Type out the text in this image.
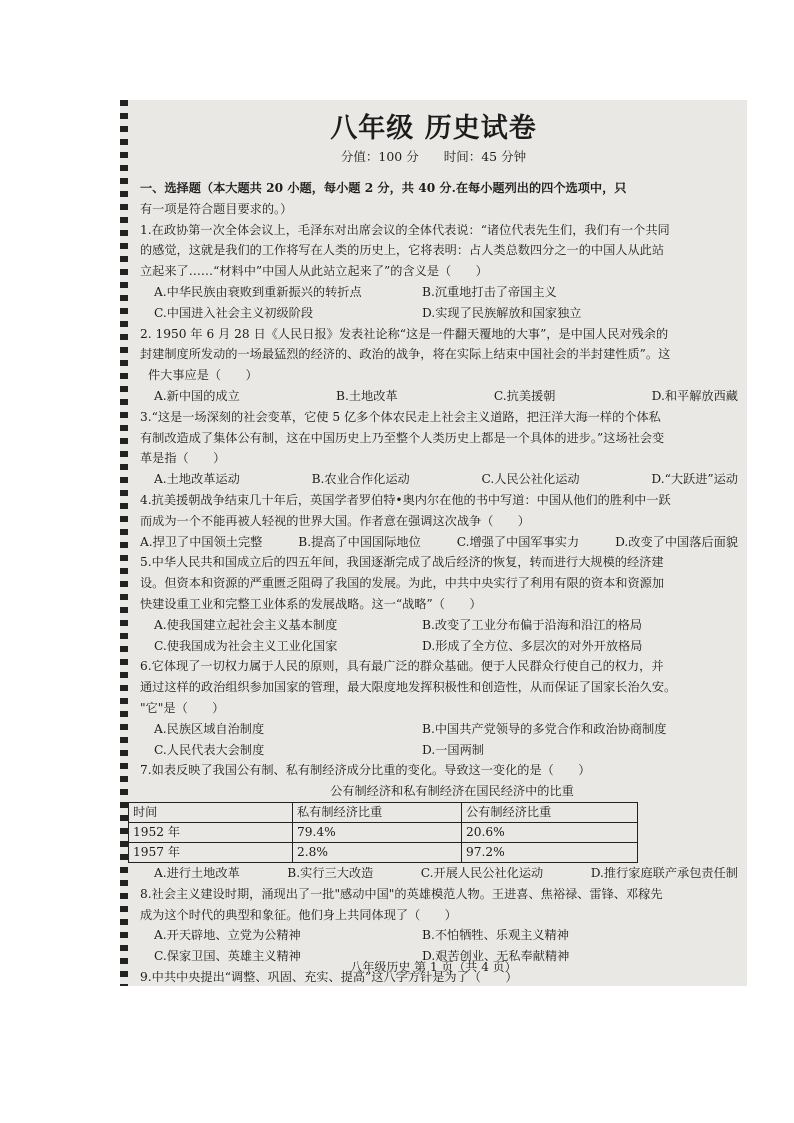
八年级 历史试卷
分值：100 分　　时间：45 分钟
一、选择题（本大题共 20 小题，每小题 2 分，共 40 分.在每小题列出的四个选项中，只
有一项是符合题目要求的。）
1.在政协第一次全体会议上，毛泽东对出席会议的全体代表说：“诸位代表先生们，我们有一个共同
的感觉，这就是我们的工作将写在人类的历史上，它将表明：占人类总数四分之一的中国人从此站
立起来了……“材料中”中国人从此站立起来了”的含义是（　　）
A.中华民族由衰败到重新振兴的转折点	B.沉重地打击了帝国主义
C.中国进入社会主义初级阶段	D.实现了民族解放和国家独立
2. 1950 年 6 月 28 日《人民日报》发表社论称“这是一件翻天覆地的大事”，是中国人民对残余的
封建制度所发动的一场最猛烈的经济的、政治的战争，将在实际上结束中国社会的半封建性质”。这
件大事应是（　　）
A.新中国的成立	B.土地改革	C.抗美援朝	D.和平解放西藏
3.“这是一场深刻的社会变革，它使 5 亿多个体农民走上社会主义道路，把汪洋大海一样的个体私
有制改造成了集体公有制，这在中国历史上乃至整个人类历史上都是一个具体的进步。”这场社会变
革是指（　　）
A.土地改革运动	B.农业合作化运动	C.人民公社化运动	D.“大跃进”运动
4.抗美援朝战争结束几十年后，英国学者罗伯特•奥内尔在他的书中写道：中国从他们的胜利中一跃
而成为一个不能再被人轻视的世界大国。作者意在强调这次战争（　　）
A.捍卫了中国领土完整	B.提高了中国国际地位	C.增强了中国军事实力	D.改变了中国落后面貌
5.中华人民共和国成立后的四五年间，我国逐渐完成了战后经济的恢复，转而进行大规模的经济建
设。但资本和资源的严重匮乏阻碍了我国的发展。为此，中共中央实行了利用有限的资本和资源加
快建设重工业和完整工业体系的发展战略。这一“战略”（　　）
A.使我国建立起社会主义基本制度	B.改变了工业分布偏于沿海和沿江的格局
C.使我国成为社会主义工业化国家	D.形成了全方位、多层次的对外开放格局
6.它体现了一切权力属于人民的原则，具有最广泛的群众基础。便于人民群众行使自己的权力，并
通过这样的政治组织参加国家的管理，最大限度地发挥积极性和创造性，从而保证了国家长治久安。
"它"是（　　）
A.民族区域自治制度	B.中国共产党领导的多党合作和政治协商制度
C.人民代表大会制度	D.一国两制
7.如表反映了我国公有制、私有制经济成分比重的变化。导致这一变化的是（　　）
公有制经济和私有制经济在国民经济中的比重
时间	私有制经济比重	公有制经济比重
1952 年	79.4%	20.6%
1957 年	2.8%	97.2%
A.进行土地改革	B.实行三大改造	C.开展人民公社化运动	D.推行家庭联产承包责任制
8.社会主义建设时期，涌现出了一批"感动中国"的英雄模范人物。王进喜、焦裕禄、雷锋、邓稼先
成为这个时代的典型和象征。他们身上共同体现了（　　）
A.开天辟地、立党为公精神	B.不怕牺牲、乐观主义精神
C.保家卫国、英雄主义精神	D.艰苦创业、无私奉献精神
9.中共中央提出“调整、巩固、充实、提高”这八字方针是为了（　　）
八年级历史 第 1 页（共 4 页）
